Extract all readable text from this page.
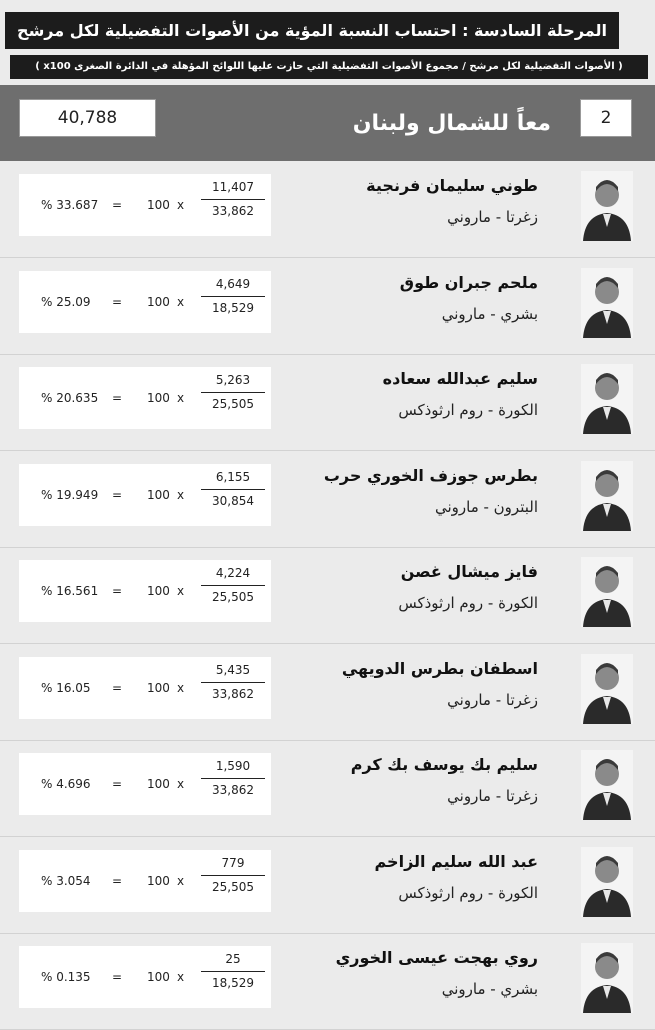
المرحلة السادسة : احتساب النسبة المؤية من الأصوات التفضيلية لكل مرشح
( الأصوات التفضيلية لكل مرشح / مجموع الأصوات التفضيلية التي حازت عليها اللوائح المؤهلة في الدائرة الصغرى x100 )
2
معاً للشمال ولبنان
40,788
طوني سليمان فرنجية
زغرتا - ماروني
% 33.687 = 100 x
11,407
33,862
ملحم جبران طوق
بشري - ماروني
% 25.09 = 100 x
4,649
18,529
سليم عبدالله سعاده
الكورة - روم ارثوذكس
% 20.635 = 100 x
5,263
25,505
بطرس جوزف الخوري حرب
البترون - ماروني
% 19.949 = 100 x
6,155
30,854
فايز ميشال غصن
الكورة - روم ارثوذكس
% 16.561 = 100 x
4,224
25,505
اسطفان بطرس الدويهي
زغرتا - ماروني
% 16.05 = 100 x
5,435
33,862
سليم بك يوسف بك كرم
زغرتا - ماروني
% 4.696 = 100 x
1,590
33,862
عبد الله سليم الزاخم
الكورة - روم ارثوذكس
% 3.054 = 100 x
779
25,505
روي بهجت عيسى الخوري
بشري - ماروني
% 0.135 = 100 x
25
18,529
